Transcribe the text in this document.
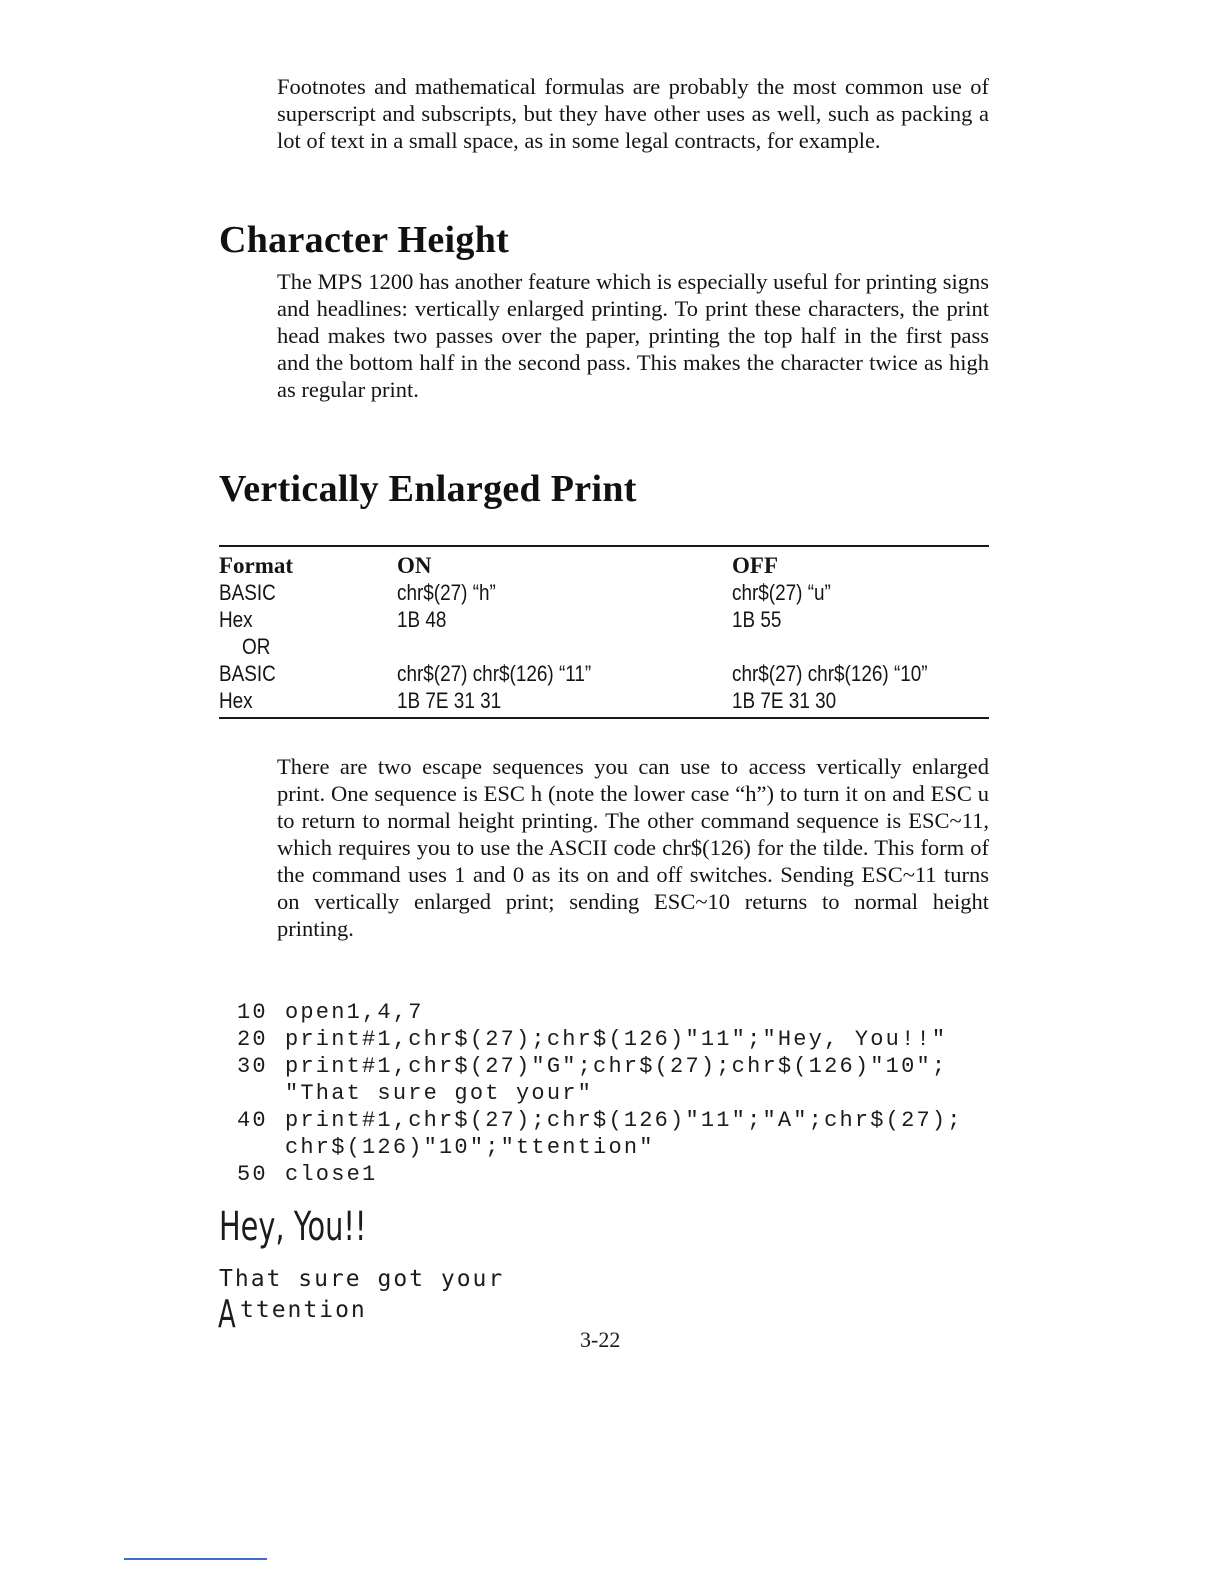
Footnotes and mathematical formulas are probably the most common use of superscript and subscripts, but they have other uses as well, such as packing a lot of text in a small space, as in some legal contracts, for example.

Character Height

The MPS 1200 has another feature which is especially useful for printing signs and headlines: vertically enlarged printing. To print these characters, the print head makes two passes over the paper, printing the top half in the first pass and the bottom half in the second pass. This makes the character twice as high as regular print.

Vertically Enlarged Print
Format	ON	OFF
BASIC	chr$(27) “h”	chr$(27) “u”
Hex	1B 48	1B 55
OR
BASIC	chr$(27) chr$(126) “11”	chr$(27) chr$(126) “10”
Hex	1B 7E 31 31	1B 7E 31 30

There are two escape sequences you can use to access vertically enlarged print. One sequence is ESC h (note the lower case “h”) to turn it on and ESC u to return to normal height printing. The other command sequence is ESC~11, which requires you to use the ASCII code chr$(126) for the tilde. This form of the command uses 1 and 0 as its on and off switches. Sending ESC~11 turns on vertically enlarged print; sending ESC~10 returns to normal height printing.

10 open1,4,7
20 print#1,chr$(27);chr$(126)"11";"Hey, You!!"
30 print#1,chr$(27)"G";chr$(27);chr$(126)"10";
"That sure got your"
40 print#1,chr$(27);chr$(126)"11";"A";chr$(27);
chr$(126)"10";"ttention"
50 close1
Hey, You!!
That sure got your
A ttention
3-22
